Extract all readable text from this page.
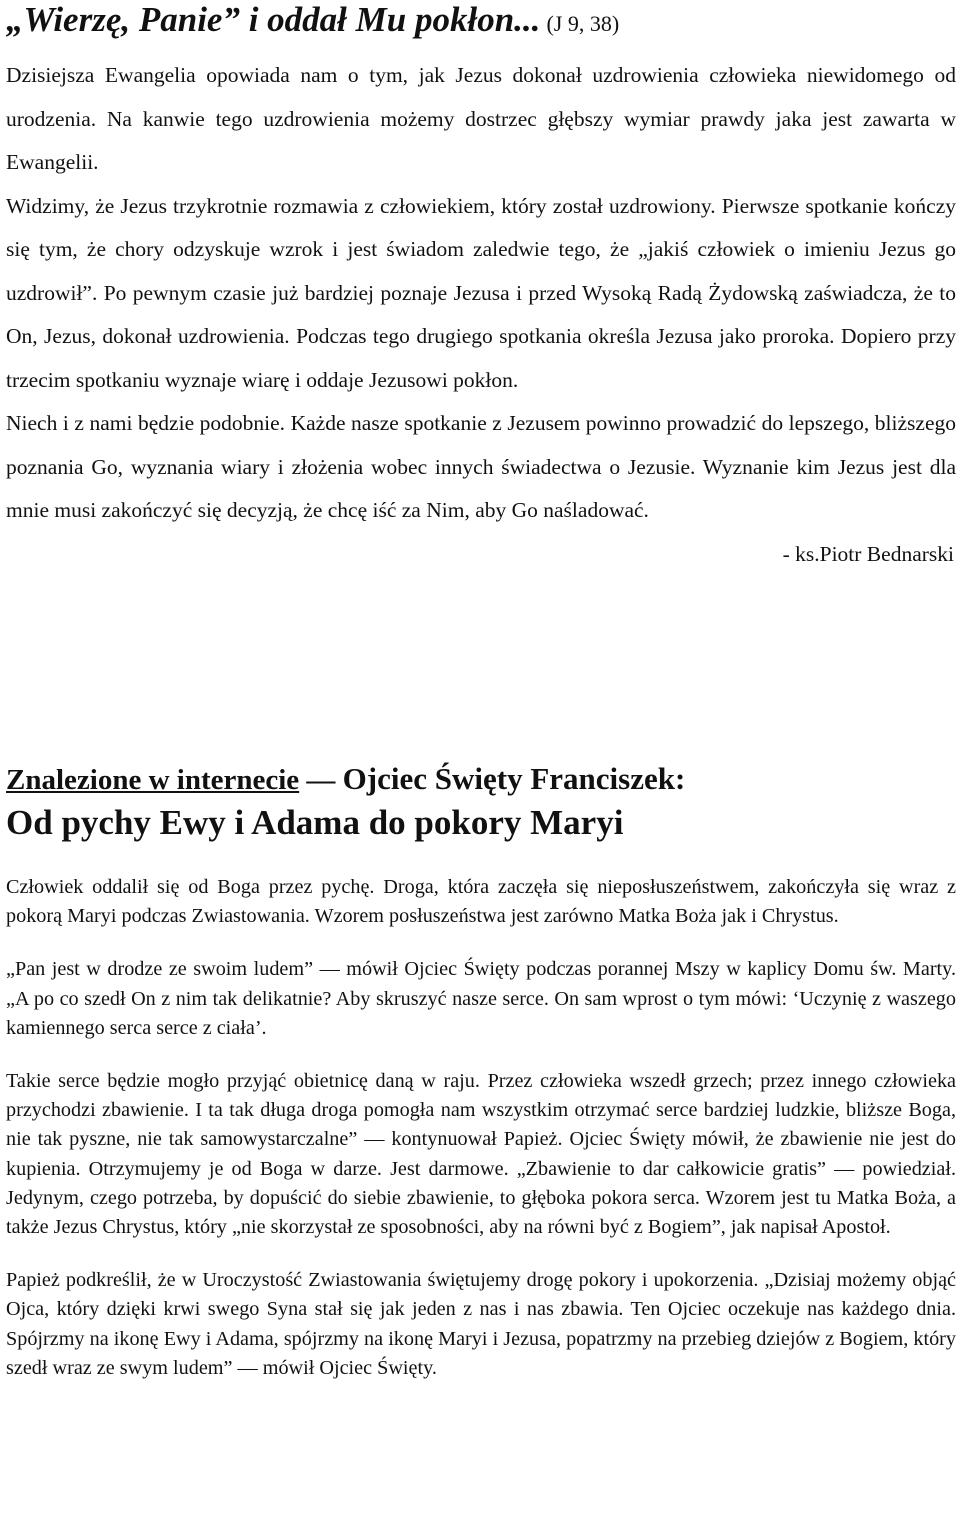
„Wierzę, Panie” i oddał Mu pokłon... (J 9, 38)

Dzisiejsza Ewangelia opowiada nam o tym, jak Jezus dokonał uzdrowienia człowieka niewidomego od urodzenia. Na kanwie tego uzdrowienia możemy dostrzec głębszy wymiar prawdy jaka jest zawarta w Ewangelii.

Widzimy, że Jezus trzykrotnie rozmawia z człowiekiem, który został uzdrowiony. Pierwsze spotkanie kończy się tym, że chory odzyskuje wzrok i jest świadom zaledwie tego, że „jakiś człowiek o imieniu Jezus go uzdrowił”. Po pewnym czasie już bardziej poznaje Jezusa i przed Wysoką Radą Żydowską zaświadcza, że to On, Jezus, dokonał uzdrowienia. Podczas tego drugiego spotkania określa Jezusa jako proroka. Dopiero przy trzecim spotkaniu wyznaje wiarę i oddaje Jezusowi pokłon.

Niech i z nami będzie podobnie. Każde nasze spotkanie z Jezusem powinno prowadzić do lepszego, bliższego poznania Go, wyznania wiary i złożenia wobec innych świadectwa o Jezusie. Wyznanie kim Jezus jest dla mnie musi zakończyć się decyzją, że chcę iść za Nim, aby Go naśladować.

- ks.Piotr Bednarski

Znalezione w internecie — Ojciec Święty Franciszek:
Od pychy Ewy i Adama do pokory Maryi

Człowiek oddalił się od Boga przez pychę. Droga, która zaczęła się nieposłuszeństwem, zakończyła się wraz z pokorą Maryi podczas Zwiastowania. Wzorem posłuszeństwa jest zarówno Matka Boża jak i Chrystus.

„Pan jest w drodze ze swoim ludem” — mówił Ojciec Święty podczas porannej Mszy w kaplicy Domu św. Marty. „A po co szedł On z nim tak delikatnie? Aby skruszyć nasze serce. On sam wprost o tym mówi: ‘Uczynię z waszego kamiennego serca serce z ciała’.

Takie serce będzie mogło przyjąć obietnicę daną w raju. Przez człowieka wszedł grzech; przez innego człowieka przychodzi zbawienie. I ta tak długa droga pomogła nam wszystkim otrzymać serce bardziej ludzkie, bliższe Boga, nie tak pyszne, nie tak samowystarczalne” — kontynuował Papież. Ojciec Święty mówił, że zbawienie nie jest do kupienia. Otrzymujemy je od Boga w darze. Jest darmowe. „Zbawienie to dar całkowicie gratis” — powiedział. Jedynym, czego potrzeba, by dopuścić do siebie zbawienie, to głęboka pokora serca. Wzorem jest tu Matka Boża, a także Jezus Chrystus, który „nie skorzystał ze sposobności, aby na równi być z Bogiem”, jak napisał Apostoł.

Papież podkreślił, że w Uroczystość Zwiastowania świętujemy drogę pokory i upokorzenia. „Dzisiaj możemy objąć Ojca, który dzięki krwi swego Syna stał się jak jeden z nas i nas zbawia. Ten Ojciec oczekuje nas każdego dnia. Spójrzmy na ikonę Ewy i Adama, spójrzmy na ikonę Maryi i Jezusa, popatrzmy na przebieg dziejów z Bogiem, który szedł wraz ze swym ludem” — mówił Ojciec Święty.
